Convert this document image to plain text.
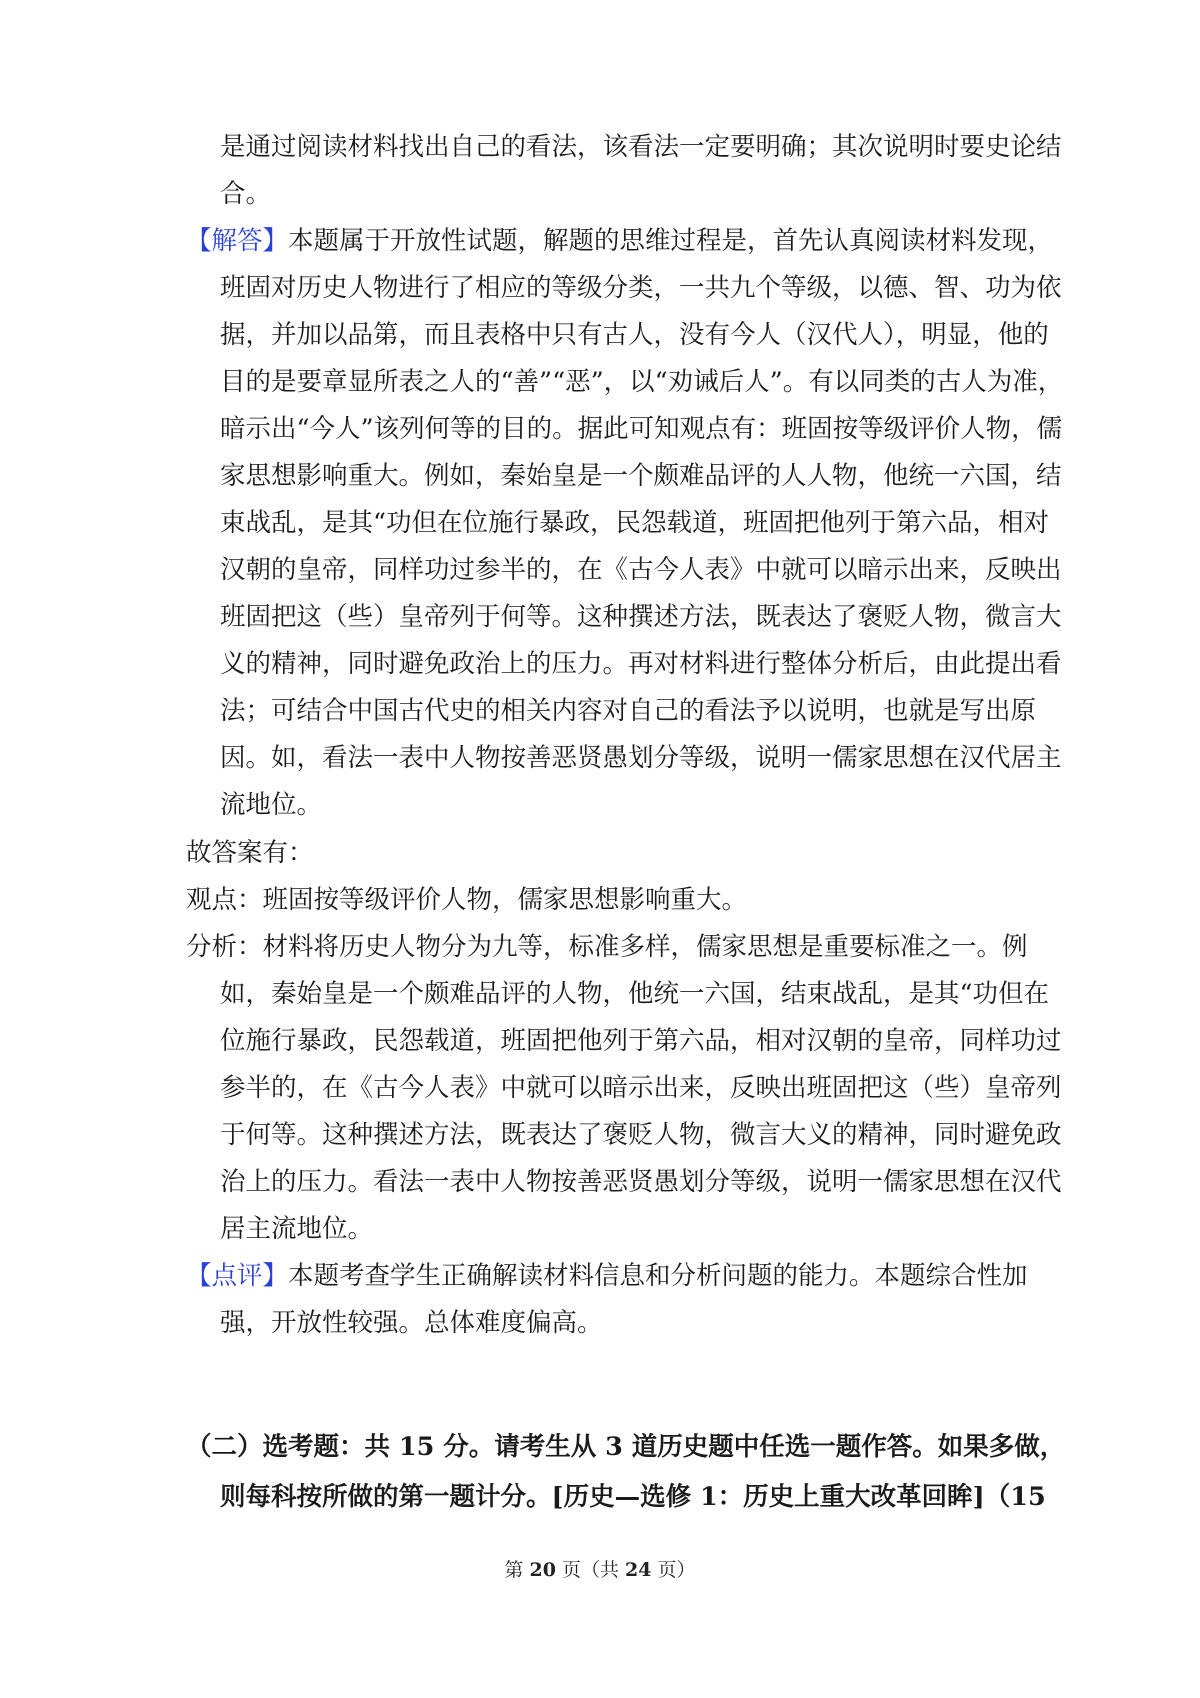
是通过阅读材料找出自己的看法，该看法一定要明确；其次说明时要史论结
合。
【解答】本题属于开放性试题，解题的思维过程是，首先认真阅读材料发现，
班固对历史人物进行了相应的等级分类，一共九个等级，以德、智、功为依
据，并加以品第，而且表格中只有古人，没有今人（汉代人），明显，他的
目的是要章显所表之人的“善”“恶”，以“劝诫后人”。有以同类的古人为准，
暗示出“今人”该列何等的目的。据此可知观点有：班固按等级评价人物，儒
家思想影响重大。例如，秦始皇是一个颇难品评的人人物，他统一六国，结
束战乱，是其“功但在位施行暴政，民怨载道，班固把他列于第六品，相对
汉朝的皇帝，同样功过参半的，在《古今人表》中就可以暗示出来，反映出
班固把这（些）皇帝列于何等。这种撰述方法，既表达了褒贬人物，微言大
义的精神，同时避免政治上的压力。再对材料进行整体分析后，由此提出看
法；可结合中国古代史的相关内容对自己的看法予以说明，也就是写出原
因。如，看法一表中人物按善恶贤愚划分等级，说明一儒家思想在汉代居主
流地位。
故答案有：
观点：班固按等级评价人物，儒家思想影响重大。
分析：材料将历史人物分为九等，标准多样，儒家思想是重要标准之一。例
如，秦始皇是一个颇难品评的人物，他统一六国，结束战乱，是其“功但在
位施行暴政，民怨载道，班固把他列于第六品，相对汉朝的皇帝，同样功过
参半的，在《古今人表》中就可以暗示出来，反映出班固把这（些）皇帝列
于何等。这种撰述方法，既表达了褒贬人物，微言大义的精神，同时避免政
治上的压力。看法一表中人物按善恶贤愚划分等级，说明一儒家思想在汉代
居主流地位。
【点评】本题考查学生正确解读材料信息和分析问题的能力。本题综合性加
强，开放性较强。总体难度偏高。
（二）选考题：共 15 分。请考生从 3 道历史题中任选一题作答。如果多做，
则每科按所做的第一题计分。[历史—选修 1：历史上重大改革回眸]（15
第 20 页（共 24 页）
